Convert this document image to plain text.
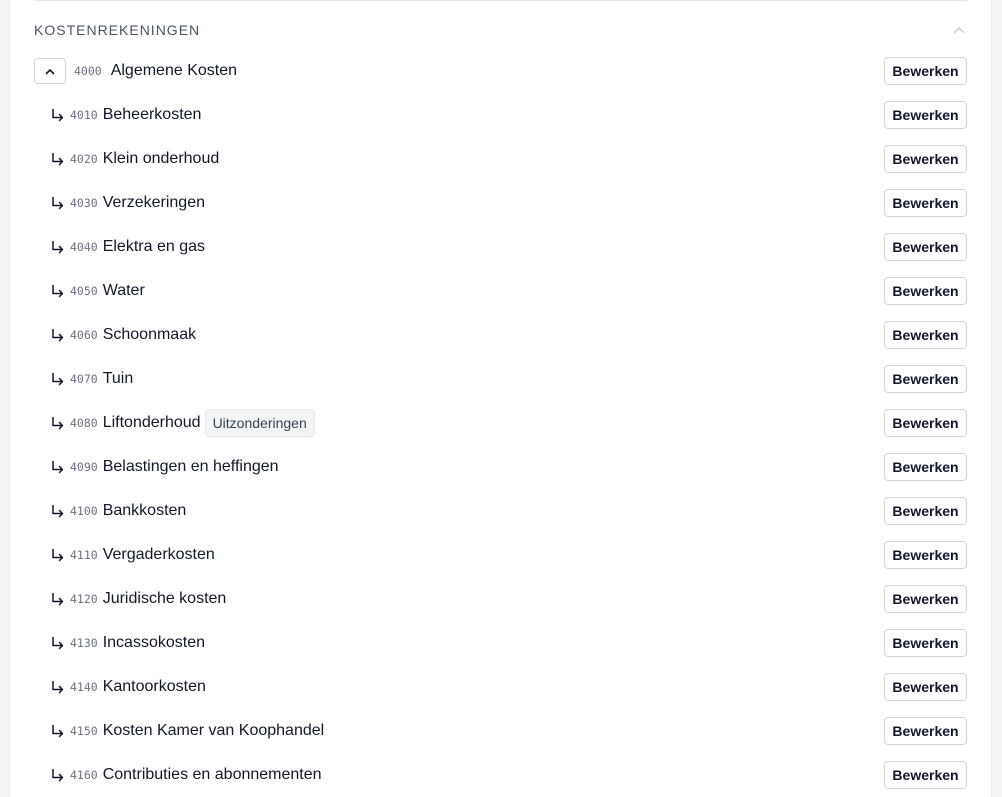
KOSTENREKENINGEN
4000 Algemene Kosten	Bewerken
4010 Beheerkosten	Bewerken
4020 Klein onderhoud	Bewerken
4030 Verzekeringen	Bewerken
4040 Elektra en gas	Bewerken
4050 Water	Bewerken
4060 Schoonmaak	Bewerken
4070 Tuin	Bewerken
4080 Liftonderhoud Uitzonderingen	Bewerken
4090 Belastingen en heffingen	Bewerken
4100 Bankkosten	Bewerken
4110 Vergaderkosten	Bewerken
4120 Juridische kosten	Bewerken
4130 Incassokosten	Bewerken
4140 Kantoorkosten	Bewerken
4150 Kosten Kamer van Koophandel	Bewerken
4160 Contributies en abonnementen	Bewerken
